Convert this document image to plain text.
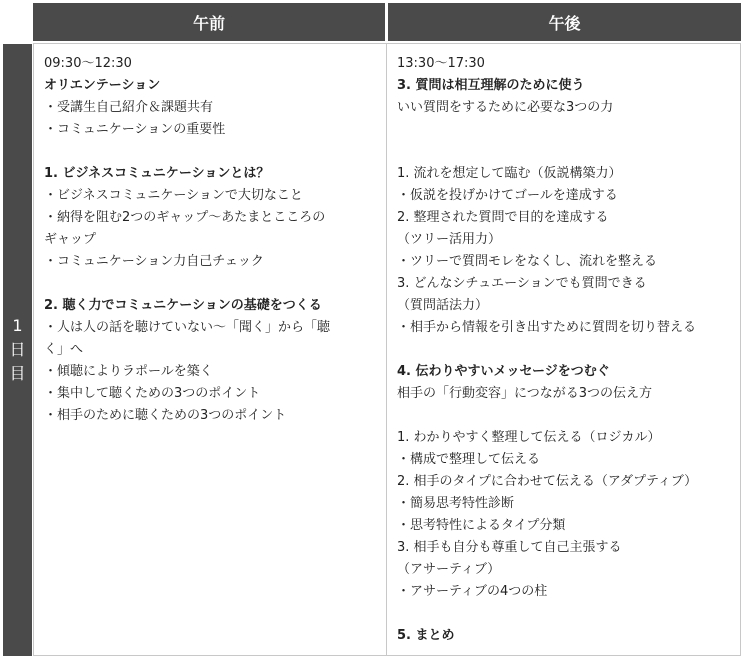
午前	午後
1日目
09:30～12:30
オリエンテーション
・受講生自己紹介＆課題共有
・コミュニケーションの重要性
1. ビジネスコミュニケーションとは？
・ビジネスコミュニケーションで大切なこと
・納得を阻む2つのギャップ～あたまとこころの
ギャップ
・コミュニケーション力自己チェック
2. 聴く力でコミュニケーションの基礎をつくる
・人は人の話を聴けていない～「聞く」から「聴
く」へ
・傾聴によりラポールを築く
・集中して聴くための3つのポイント
・相手のために聴くための3つのポイント
13:30～17:30
3. 質問は相互理解のために使う
いい質問をするために必要な3つの力
1. 流れを想定して臨む（仮説構築力）
・仮説を投げかけてゴールを達成する
2. 整理された質問で目的を達成する
（ツリー活用力）
・ツリーで質問モレをなくし、流れを整える
3. どんなシチュエーションでも質問できる
（質問話法力）
・相手から情報を引き出すために質問を切り替える
4. 伝わりやすいメッセージをつむぐ
相手の「行動変容」につながる3つの伝え方
1. わかりやすく整理して伝える（ロジカル）
・構成で整理して伝える
2. 相手のタイプに合わせて伝える（アダプティブ）
・簡易思考特性診断
・思考特性によるタイプ分類
3. 相手も自分も尊重して自己主張する
（アサーティブ）
・アサーティブの4つの柱
5. まとめ
